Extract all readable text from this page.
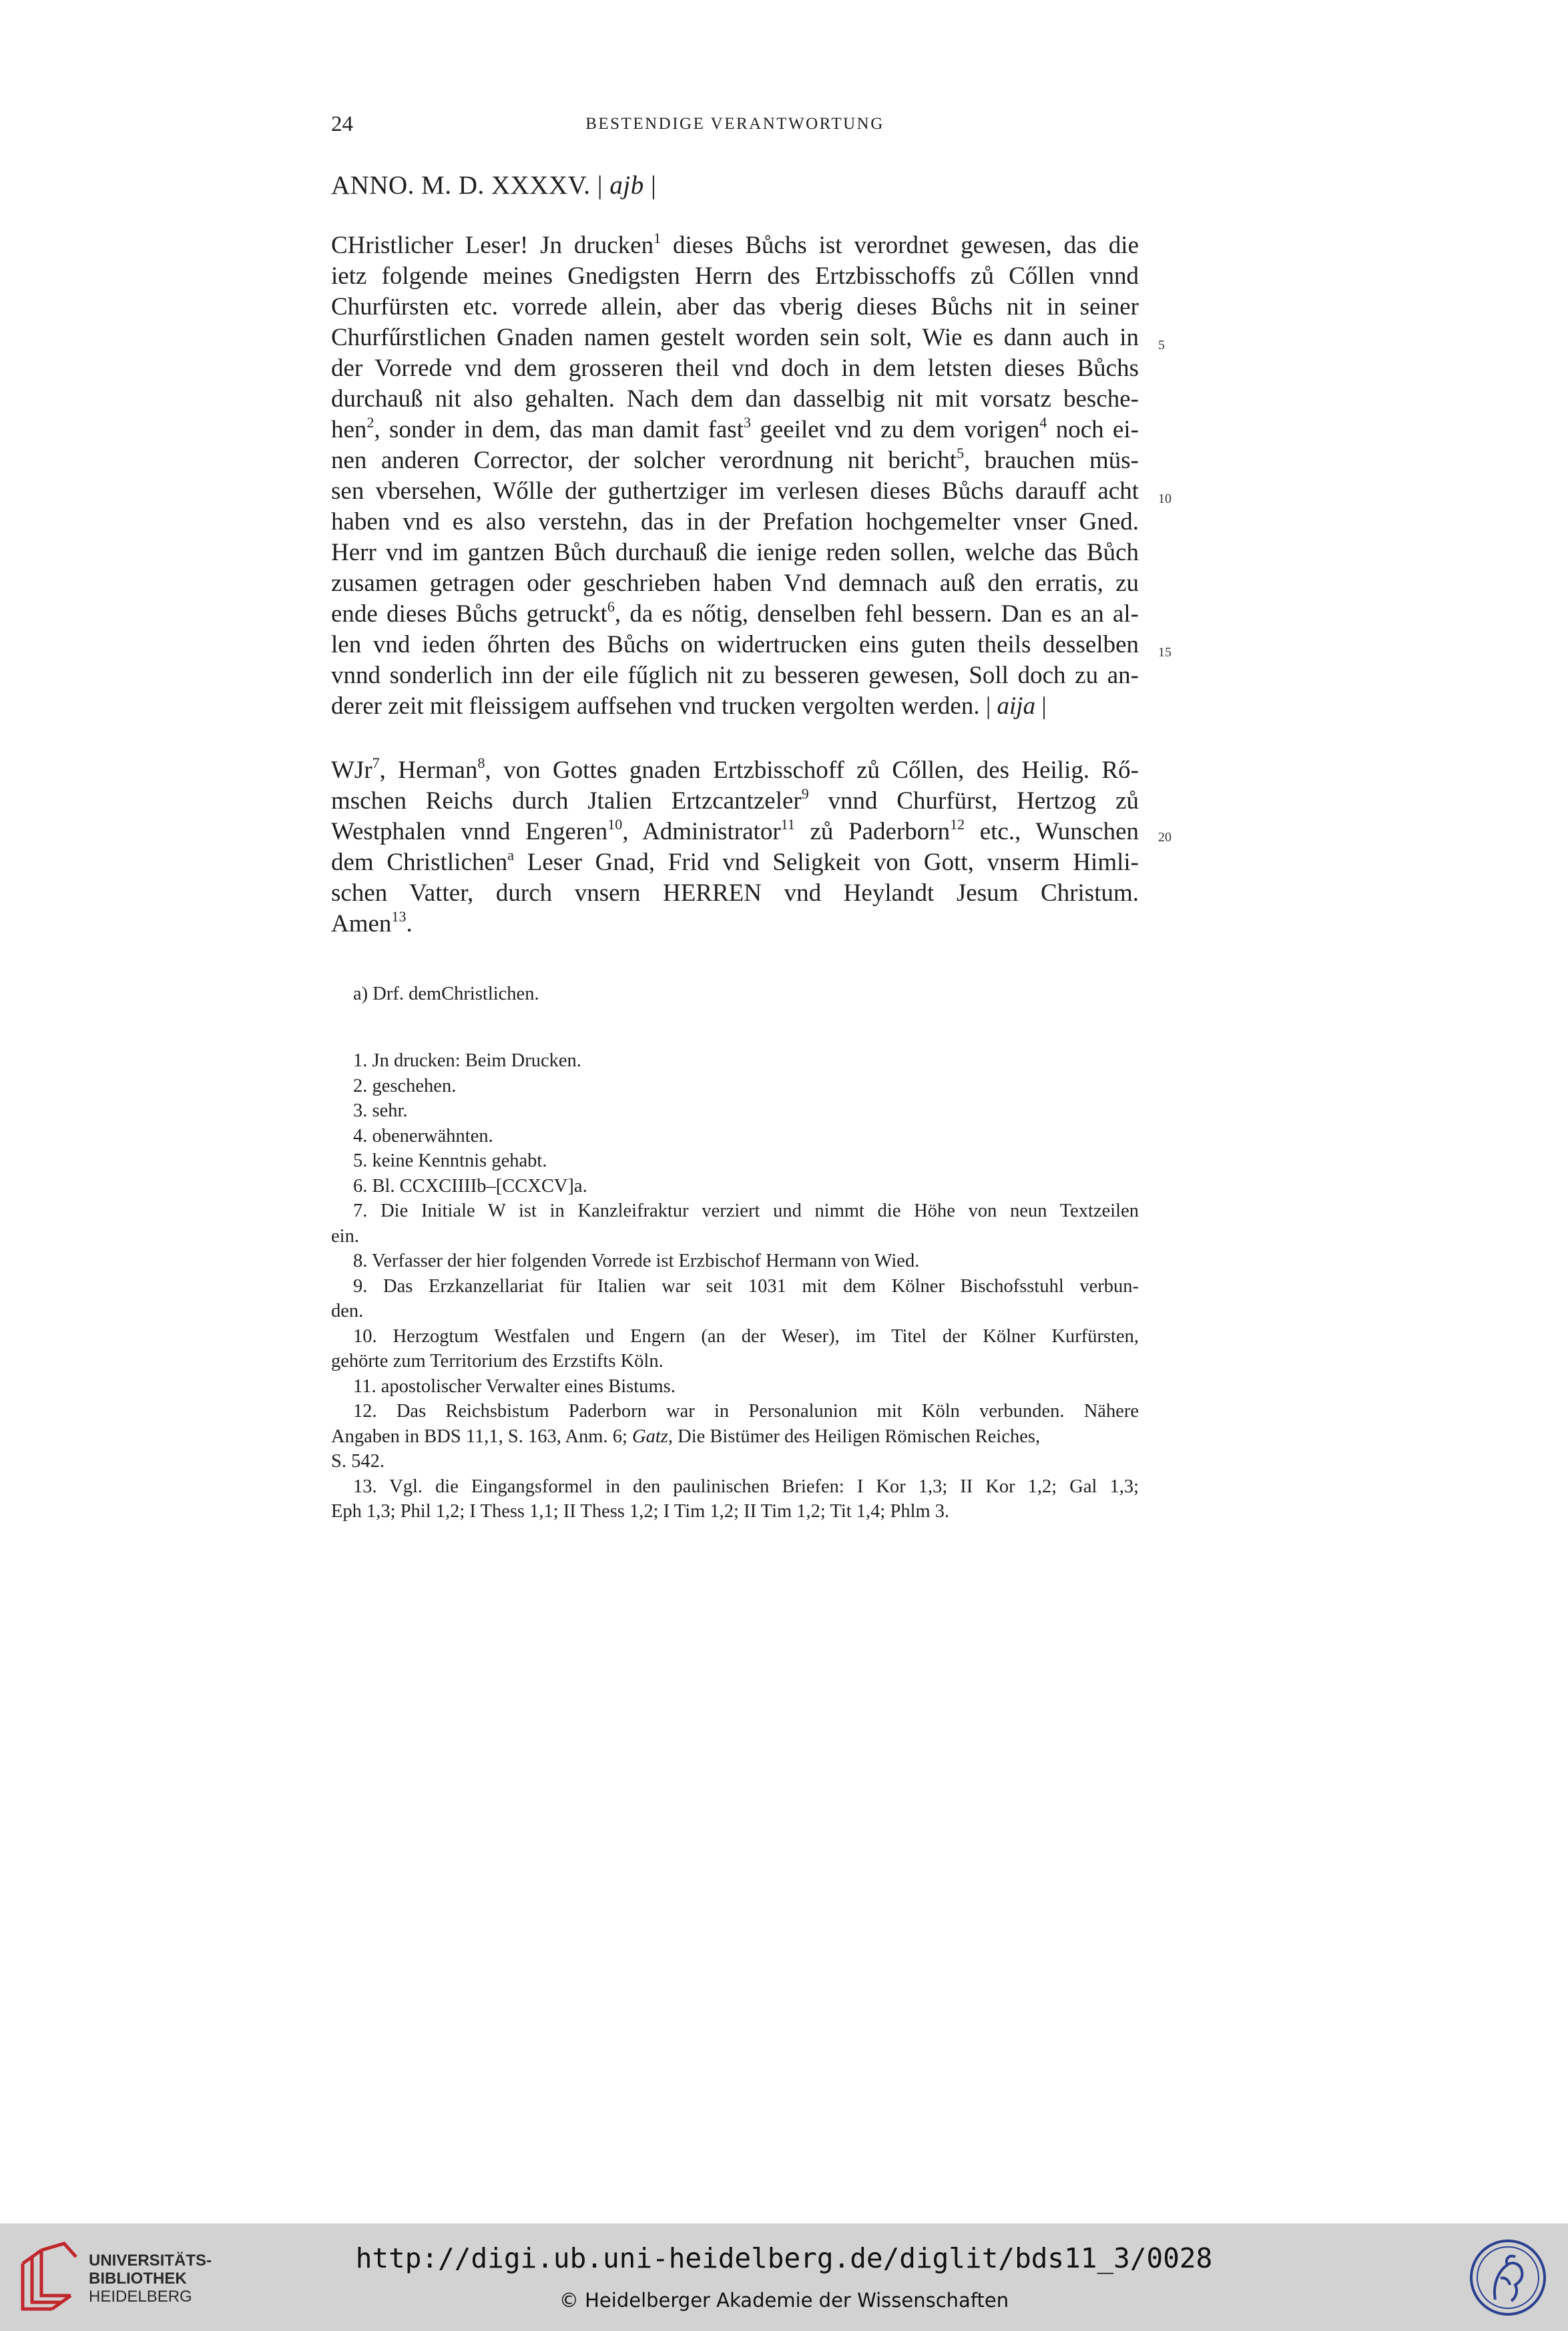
24	BESTENDIGE VERANTWORTUNG
ANNO. M. D. XXXXV. | ajb |
CHristlicher Leser! Jn drucken$^1$ dieses Bůchs ist verordnet gewesen, das die
ietz folgende meines Gnedigsten Herrn des Ertzbisschoffs zů Cőllen vnnd
Churfürsten etc. vorrede allein, aber das vberig dieses Bůchs nit in seiner
Churfűrstlichen Gnaden namen gestelt worden sein solt, Wie es dann auch in
der Vorrede vnd dem grosseren theil vnd doch in dem letsten dieses Bůchs
durchauß nit also gehalten. Nach dem dan dasselbig nit mit vorsatz besche-
hen$^2$, sonder in dem, das man damit fast$^3$ geeilet vnd zu dem vorigen$^4$ noch ei-
nen anderen Corrector, der solcher verordnung nit bericht$^5$, brauchen müs-
sen vbersehen, Wőlle der guthertziger im verlesen dieses Bůchs darauff acht
haben vnd es also verstehn, das in der Prefation hochgemelter vnser Gned.
Herr vnd im gantzen Bůch durchauß die ienige reden sollen, welche das Bůch
zusamen getragen oder geschrieben haben Vnd demnach auß den erratis, zu
ende dieses Bůchs getruckt$^6$, da es nőtig, denselben fehl bessern. Dan es an al-
len vnd ieden őhrten des Bůchs on widertrucken eins guten theils desselben
vnnd sonderlich inn der eile fűglich nit zu besseren gewesen, Soll doch zu an-
derer zeit mit fleissigem auffsehen vnd trucken vergolten werden. | aija |
WJr$^7$, Herman$^8$, von Gottes gnaden Ertzbisschoff zů Cőllen, des Heilig. Rő-
mschen Reichs durch Jtalien Ertzcantzeler$^9$ vnnd Churfürst, Hertzog zů
Westphalen vnnd Engeren$^{10}$, Administrator$^{11}$ zů Paderborn$^{12}$ etc., Wunschen
dem Christlichen$^a$ Leser Gnad, Frid vnd Seligkeit von Gott, vnserm Himli-
schen Vatter, durch vnsern HERREN vnd Heylandt Jesum Christum.
Amen$^{13}$.
5
10
15
20
a) Drf. demChristlichen.
1. Jn drucken: Beim Drucken.
2. geschehen.
3. sehr.
4. obenerwähnten.
5. keine Kenntnis gehabt.
6. Bl. CCXCIIIIb–[CCXCV]a.
7. Die Initiale W ist in Kanzleifraktur verziert und nimmt die Höhe von neun Textzeilen
ein.
8. Verfasser der hier folgenden Vorrede ist Erzbischof Hermann von Wied.
9. Das Erzkanzellariat für Italien war seit 1031 mit dem Kölner Bischofsstuhl verbun-
den.
10. Herzogtum Westfalen und Engern (an der Weser), im Titel der Kölner Kurfürsten,
gehörte zum Territorium des Erzstifts Köln.
11. apostolischer Verwalter eines Bistums.
12. Das Reichsbistum Paderborn war in Personalunion mit Köln verbunden. Nähere
Angaben in BDS 11,1, S. 163, Anm. 6; Gatz, Die Bistümer des Heiligen Römischen Reiches,
S. 542.
13. Vgl. die Eingangsformel in den paulinischen Briefen: I Kor 1,3; II Kor 1,2; Gal 1,3;
Eph 1,3; Phil 1,2; I Thess 1,1; II Thess 1,2; I Tim 1,2; II Tim 1,2; Tit 1,4; Phlm 3.
UNIVERSITÄTS-
BIBLIOTHEK
HEIDELBERG
http://digi.ub.uni-heidelberg.de/diglit/bds11_3/0028
© Heidelberger Akademie der Wissenschaften
